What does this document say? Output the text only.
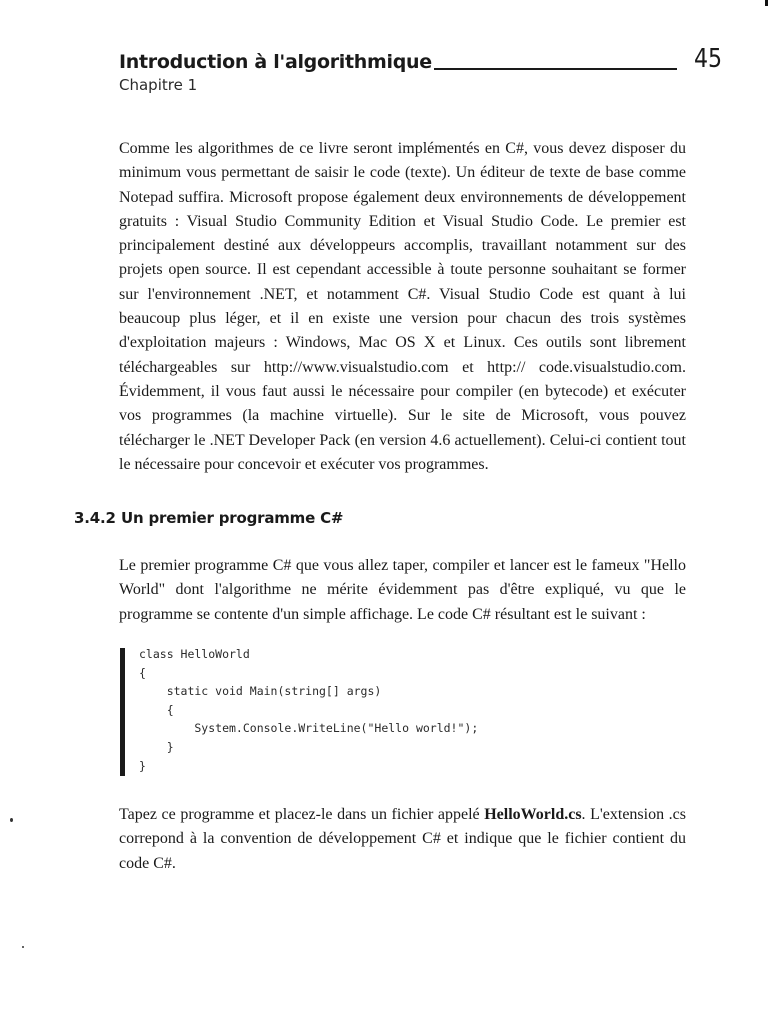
Introduction à l'algorithmique	45
Chapitre 1

Comme les algorithmes de ce livre seront implémentés en C#, vous devez disposer du minimum vous permettant de saisir le code (texte). Un éditeur de texte de base comme Notepad suffira. Microsoft propose également deux environnements de développement gratuits : Visual Studio Community Edition et Visual Studio Code. Le premier est principalement destiné aux développeurs accomplis, travaillant notamment sur des projets open source. Il est cependant accessible à toute personne souhaitant se former sur l'environnement .NET, et notamment C#. Visual Studio Code est quant à lui beaucoup plus léger, et il en existe une version pour chacun des trois systèmes d'exploitation majeurs : Windows, Mac OS X et Linux. Ces outils sont librement téléchargeables sur http://www.visualstudio.com et http:// code.visualstudio.com. Évidemment, il vous faut aussi le nécessaire pour compiler (en bytecode) et exécuter vos programmes (la machine virtuelle). Sur le site de Microsoft, vous pouvez télécharger le .NET Developer Pack (en version 4.6 actuellement). Celui-ci contient tout le nécessaire pour concevoir et exécuter vos programmes.

3.4.2 Un premier programme C#

Le premier programme C# que vous allez taper, compiler et lancer est le fameux "Hello World" dont l'algorithme ne mérite évidemment pas d'être expliqué, vu que le programme se contente d'un simple affichage. Le code C# résultant est le suivant :

class HelloWorld
{
static void Main(string[] args)
{
System.Console.WriteLine("Hello world!");
}
}

Tapez ce programme et placez-le dans un fichier appelé HelloWorld.cs. L'extension .cs correpond à la convention de développement C# et indique que le fichier contient du code C#.
